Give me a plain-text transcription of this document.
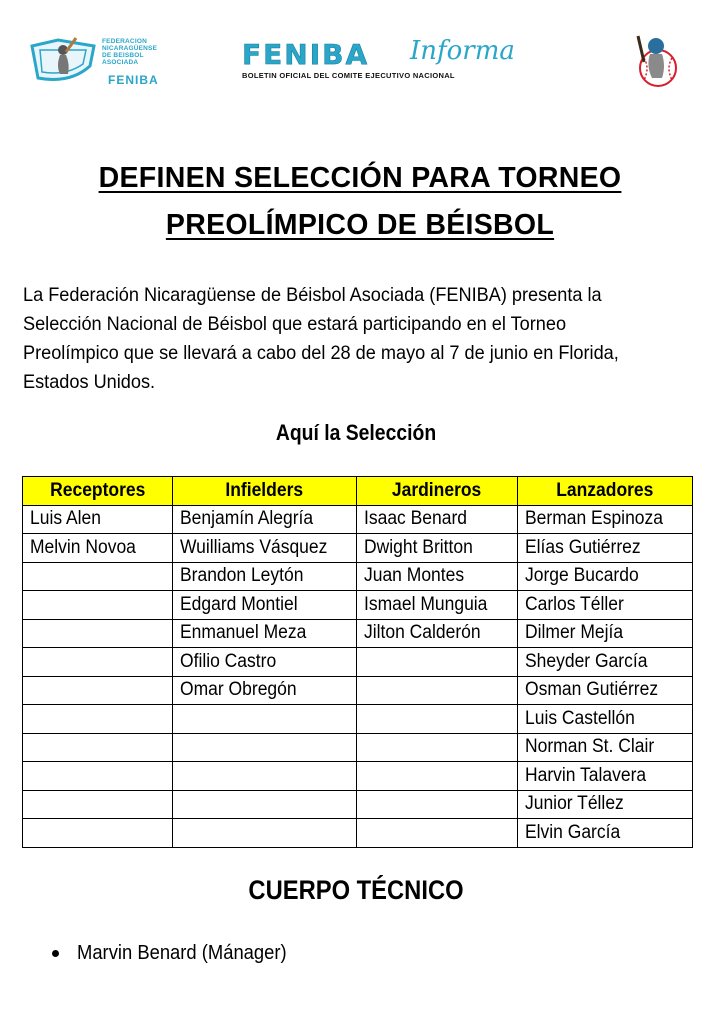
FEDERACION
NICARAGÜENSE
DE BEISBOL
ASOCIADA
FENIBA
FENIBA Informa
BOLETIN OFICIAL DEL COMITE EJECUTIVO NACIONAL
DEFINEN SELECCIÓN PARA TORNEO
PREOLÍMPICO DE BÉISBOL
La Federación Nicaragüense de Béisbol Asociada (FENIBA) presenta la Selección Nacional de Béisbol que estará participando en el Torneo Preolímpico que se llevará a cabo del 28 de mayo al 7 de junio en Florida, Estados Unidos.
Aquí la Selección
Receptores	Infielders	Jardineros	Lanzadores
Luis Alen	Benjamín Alegría	Isaac Benard	Berman Espinoza
Melvin Novoa	Wuilliams Vásquez	Dwight Britton	Elías Gutiérrez
	Brandon Leytón	Juan Montes	Jorge Bucardo
	Edgard Montiel	Ismael Munguia	Carlos Téller
	Enmanuel Meza	Jilton Calderón	Dilmer Mejía
	Ofilio Castro		Sheyder García
	Omar Obregón		Osman Gutiérrez
			Luis Castellón
			Norman St. Clair
			Harvin Talavera
			Junior Téllez
			Elvin García
CUERPO TÉCNICO
Marvin Benard (Mánager)
